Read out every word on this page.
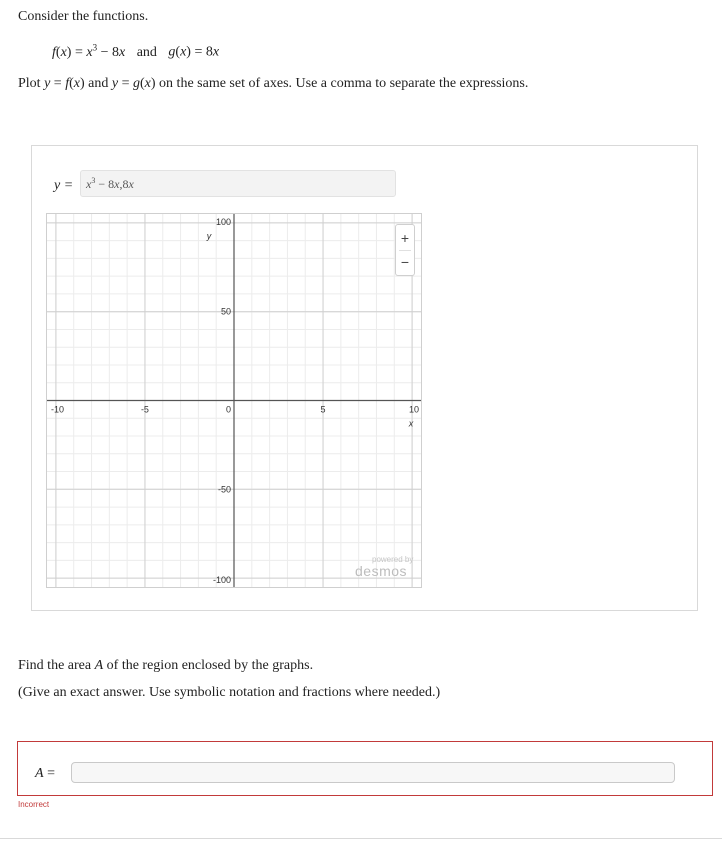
Consider the functions.
$f(x) = x^3 - 8x$ and g(x) = 8x
Plot y = f(x) and y = g(x) on the same set of axes. Use a comma to separate the expressions.
$y = x^3 - 8x,8x$
-10	-5	0	5	10
100
50
-50
-100
y
x
+
−
powered by
desmos
Find the area A of the region enclosed by the graphs.
(Give an exact answer. Use symbolic notation and fractions where needed.)
A =
Incorrect
